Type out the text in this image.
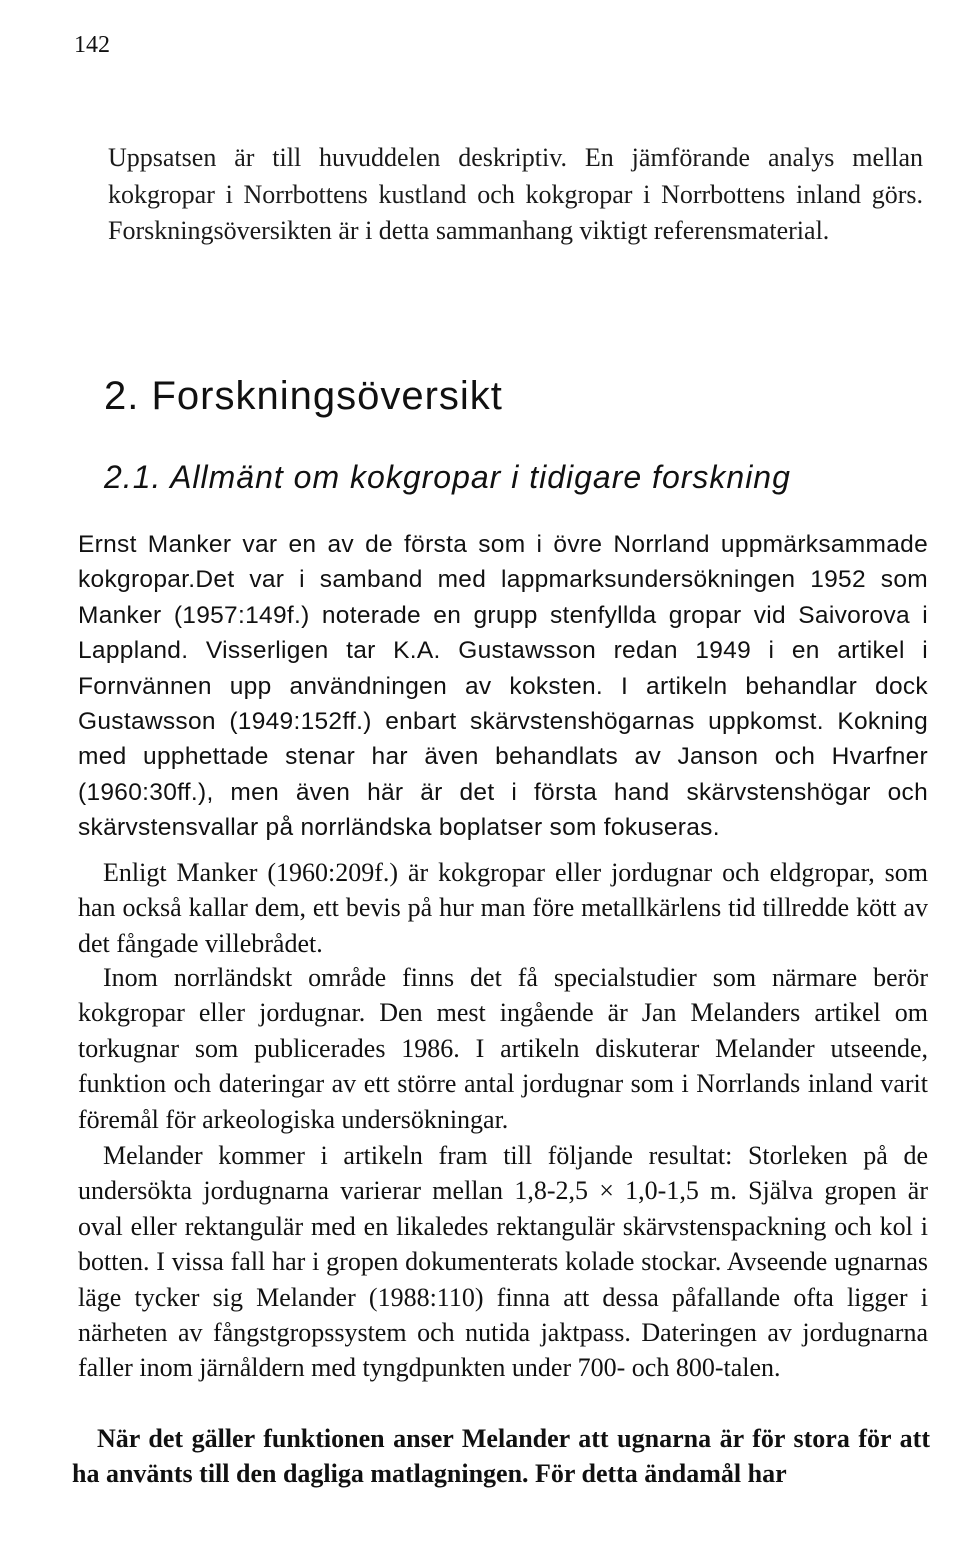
142

Uppsatsen är till huvuddelen deskriptiv. En jämförande analys mellan kokgropar i Norrbottens kustland och kokgropar i Norrbottens inland görs. Forskningsöversikten är i detta sammanhang viktigt referensmaterial.

2. Forskningsöversikt
2.1. Allmänt om kokgropar i tidigare forskning

Ernst Manker var en av de första som i övre Norrland uppmärksammade kokgropar.Det var i samband med lappmarksundersökningen 1952 som Manker (1957:149f.) noterade en grupp stenfyllda gropar vid Saivorova i Lappland. Visserligen tar K.A. Gustawsson redan 1949 i en artikel i Fornvännen upp användningen av koksten. I artikeln behandlar dock Gustawsson (1949:152ff.) enbart skärvstenshögarnas uppkomst. Kokning med upphettade stenar har även behandlats av Janson och Hvarfner (1960:30ff.), men även här är det i första hand skärvstenshögar och skärvstensvallar på norrländska boplatser som fokuseras.

Enligt Manker (1960:209f.) är kokgropar eller jordugnar och eldgropar, som han också kallar dem, ett bevis på hur man före metallkärlens tid tillredde kött av det fångade villebrådet.

Inom norrländskt område finns det få specialstudier som närmare berör kokgropar eller jordugnar. Den mest ingående är Jan Melanders artikel om torkugnar som publicerades 1986. I artikeln diskuterar Melander utseende, funktion och dateringar av ett större antal jordugnar som i Norrlands inland varit föremål för arkeologiska undersökningar.

Melander kommer i artikeln fram till följande resultat: Storleken på de undersökta jordugnarna varierar mellan 1,8-2,5 × 1,0-1,5 m. Själva gropen är oval eller rektangulär med en likaledes rektangulär skärvstenspackning och kol i botten. I vissa fall har i gropen dokumenterats kolade stockar. Avseende ugnarnas läge tycker sig Melander (1988:110) finna att dessa påfallande ofta ligger i närheten av fångstgropssystem och nutida jaktpass. Dateringen av jordugnarna faller inom järnåldern med tyngdpunkten under 700- och 800-talen.

När det gäller funktionen anser Melander att ugnarna är för stora för att ha använts till den dagliga matlagningen. För detta ändamål har
